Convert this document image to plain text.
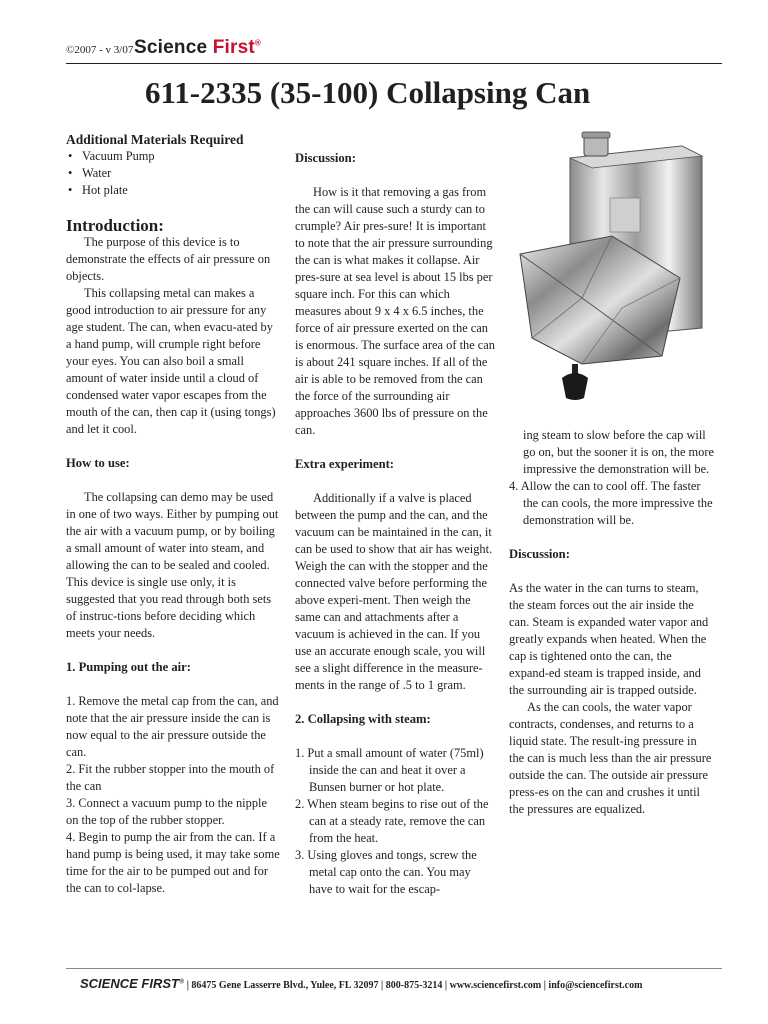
©2007 - v 3/07 Science First®
611-2335 (35-100) Collapsing Can

Additional Materials Required

• Vacuum Pump
• Water
• Hot plate

Introduction:

The purpose of this device is to demonstrate the effects of air pressure on objects.

This collapsing metal can makes a good introduction to air pressure for any age student. The can, when evacu-ated by a hand pump, will crumple right before your eyes. You can also boil a small amount of water inside until a cloud of condensed water vapor escapes from the mouth of the can, then cap it (using tongs) and let it cool.

How to use:

The collapsing can demo may be used in one of two ways. Either by pumping out the air with a vacuum pump, or by boiling a small amount of water into steam, and allowing the can to be sealed and cooled. This device is single use only, it is suggested that you read through both sets of instruc-tions before deciding which meets your needs.

1. Pumping out the air:

1. Remove the metal cap from the can, and note that the air pressure inside the can is now equal to the air pressure outside the can.

2. Fit the rubber stopper into the mouth of the can

3. Connect a vacuum pump to the nipple on the top of the rubber stopper.

4. Begin to pump the air from the can. If a hand pump is being used, it may take some time for the air to be pumped out and for the can to col-lapse.

Discussion:

How is it that removing a gas from the can will cause such a sturdy can to crumple? Air pres-sure! It is important to note that the air pressure surrounding the can is what makes it collapse. Air pres-sure at sea level is about 15 lbs per square inch. For this can which measures about 9 x 4 x 6.5 inches, the force of air pressure exerted on the can is enormous. The surface area of the can is about 241 square inches. If all of the air is able to be removed from the can the force of the surrounding air approaches 3600 lbs of pressure on the can.

Extra experiment:

Additionally if a valve is placed between the pump and the can, and the vacuum can be maintained in the can, it can be used to show that air has weight. Weigh the can with the stopper and the connected valve before performing the above experi-ment. Then weigh the same can and attachments after a vacuum is achieved in the can. If you use an accurate enough scale, you will see a slight difference in the measure-ments in the range of .5 to 1 gram.

2. Collapsing with steam:

1. Put a small amount of water (75ml) inside the can and heat it over a Bunsen burner or hot plate.
2. When steam begins to rise out of the can at a steady rate, remove the can from the heat.
3. Using gloves and tongs, screw the metal cap onto the can. You may have to wait for the escap-

ing steam to slow before the cap will go on, but the sooner it is on, the more impressive the demonstration will be.

4. Allow the can to cool off. The faster the can cools, the more impressive the demonstration will be.

Discussion:

As the water in the can turns to steam, the steam forces out the air inside the can. Steam is expanded water vapor and greatly expands when heated. When the cap is tightened onto the can, the expand-ed steam is trapped inside, and the surrounding air is trapped outside.

As the can cools, the water vapor contracts, condenses, and returns to a liquid state. The result-ing pressure in the can is much less than the air pressure outside the can. The outside air pressure press-es on the can and crushes it until the pressures are equalized.

SCIENCE FIRST® | 86475 Gene Lasserre Blvd., Yulee, FL 32097 | 800-875-3214 | www.sciencefirst.com | info@sciencefirst.com
